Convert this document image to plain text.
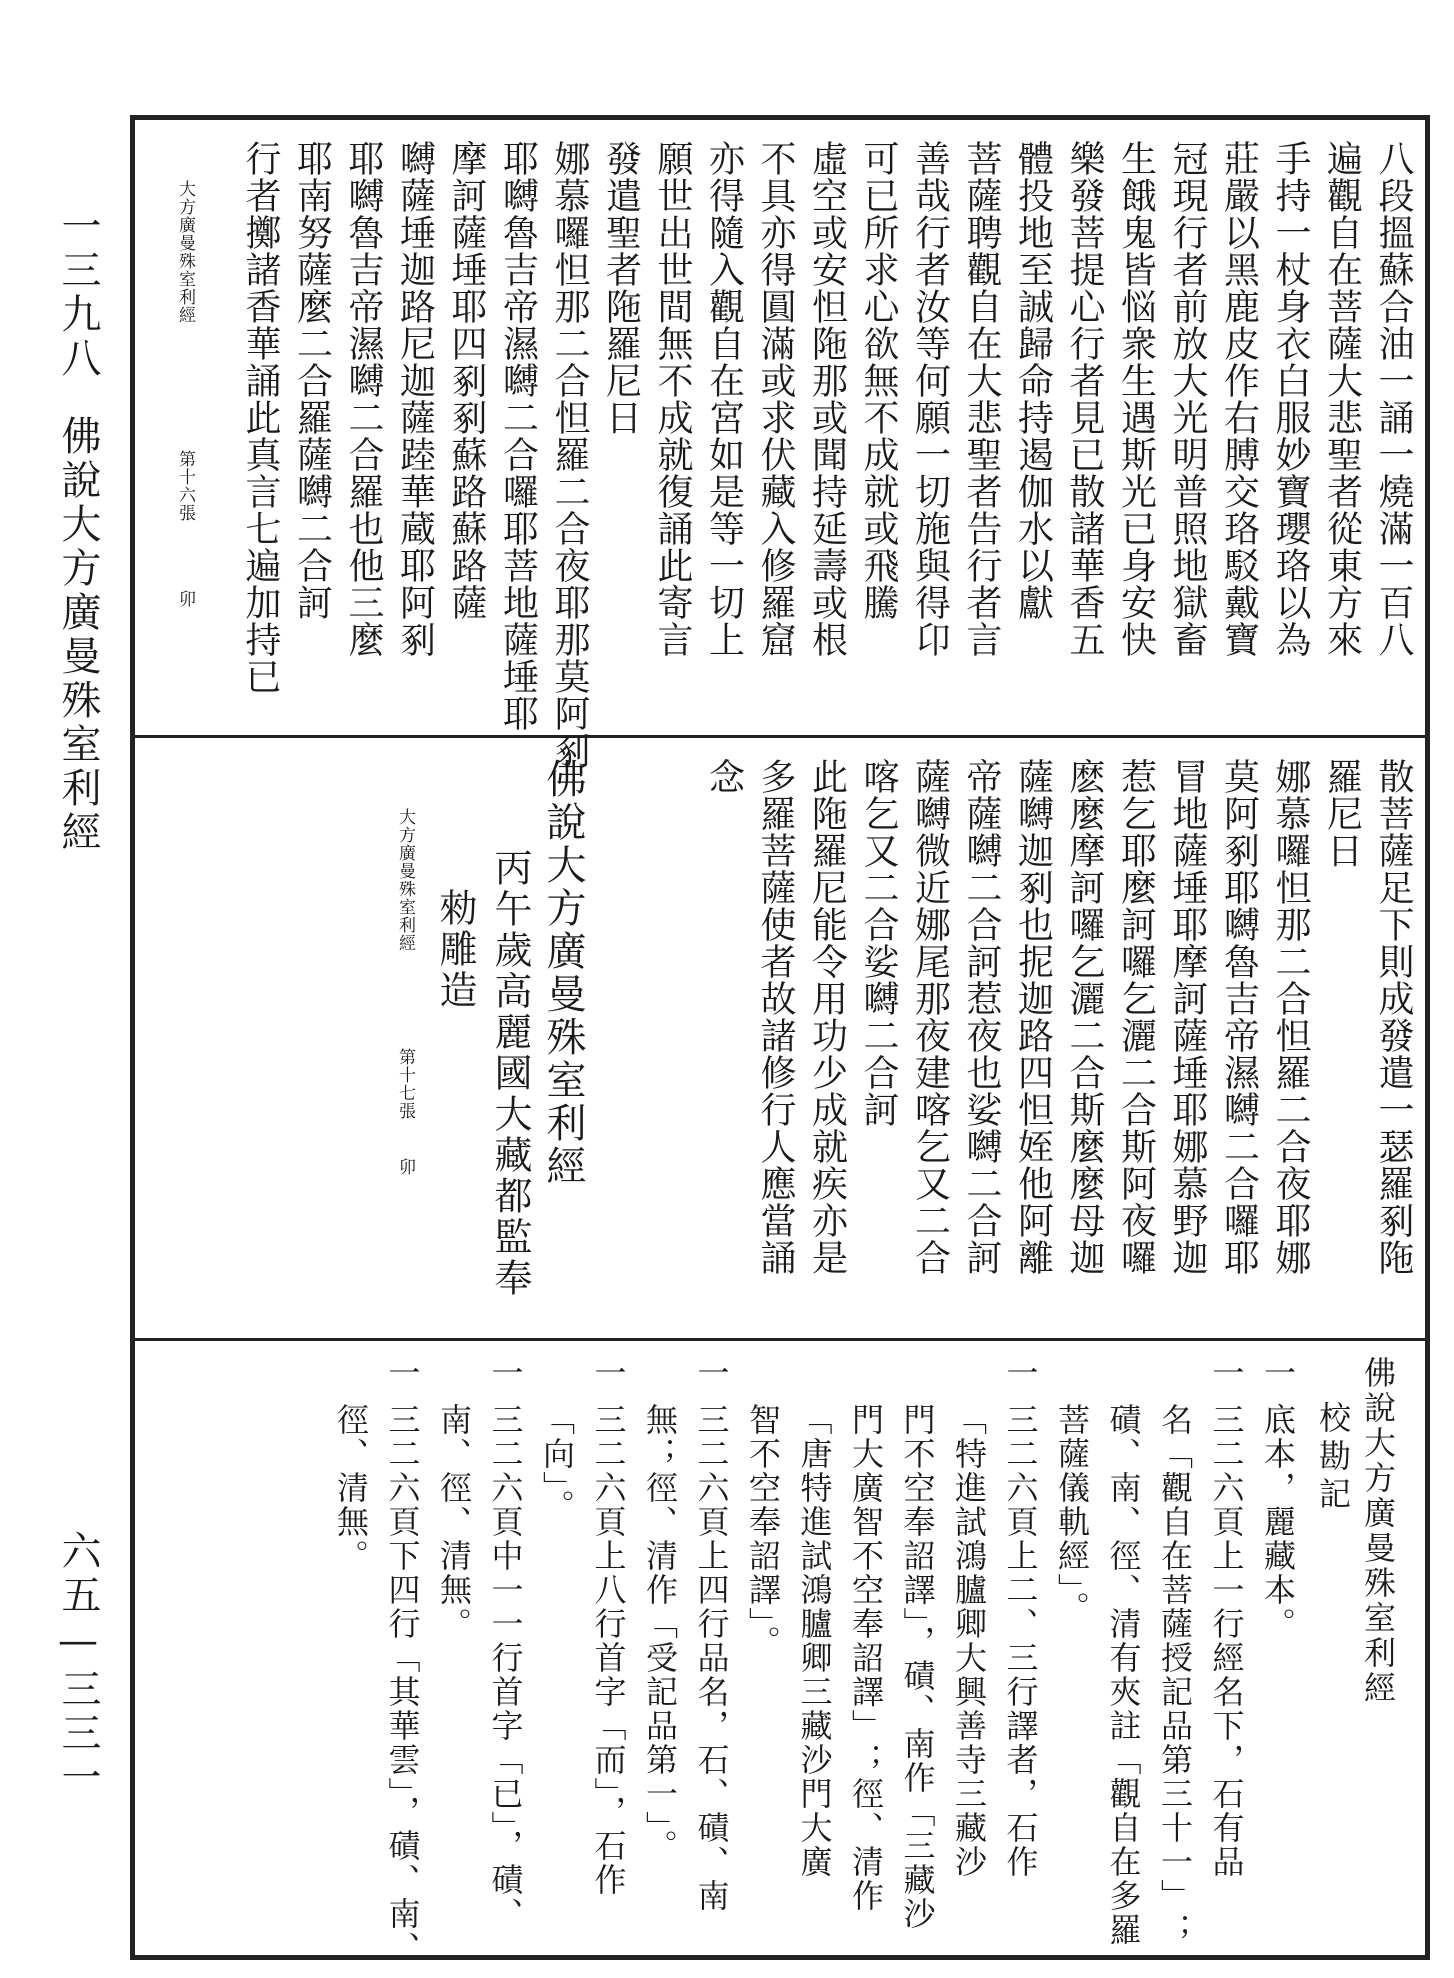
一三九八
佛說大方廣曼殊室利經
六五—三三一
八段搵蘇合油一誦一燒滿一百八
遍觀自在菩薩大悲聖者從東方來
手持一杖身衣白服妙寶瓔珞以為
莊嚴以黑鹿皮作右膊交珞駁戴寶
冠現行者前放大光明普照地獄畜
生餓鬼皆悩衆生遇斯光已身安快
樂發菩提心行者見已散諸華香五
體投地至誠歸命持遏伽水以獻
菩薩聘觀自在大悲聖者告行者言
善哉行者汝等何願一切施與得卬
可已所求心欲無不成就或飛騰
虛空或安怛陁那或聞持延壽或根
不具亦得圓滿或求伏藏入修羅窟
亦得隨入觀自在宮如是等一切上
願世出世間無不成就復誦此寄言
發遣聖者陁羅尼日
娜慕囉怛那二合怛羅二合夜耶那莫阿剢
耶嚩魯吉帝濕嚩二合囉耶菩地薩埵耶
摩訶薩埵耶四剢剢蘇路蘇路薩
嚩薩埵迦路尼迦薩踛華蔵耶阿剢
耶嚩魯吉帝濕嚩二合羅也他三麼
耶南努薩麼二合羅薩嚩二合訶
行者擲諸香華誦此真言七遍加持已
大方廣曼殊室利經
第十六張
卯
散菩薩足下則成發遣一瑟羅剢陁
羅尼日
娜慕囉怛那二合怛羅二合夜耶娜
莫阿剢耶嚩魯吉帝濕嚩二合囉耶
冒地薩埵耶摩訶薩埵耶娜慕野迦
惹乞耶麼訶囉乞灑二合斯阿夜囉
麽麼摩訶囉乞灑二合斯麼麼母迦
薩嚩迦剢也抳迦路四怛姪他阿離
帝薩嚩二合訶惹夜也娑嚩二合訶
薩嚩微近娜尾那夜建喀乞又二合
喀乞又二合娑嚩二合訶
此陁羅尼能令用功少成就疾亦是
多羅菩薩使者故諸修行人應當誦
念
佛說大方廣曼殊室利經
丙午歲高麗國大藏都監奉
勑雕造
大方廣曼殊室利經
第十七張
卯
佛說大方廣曼殊室利經
校勘記
一
底本，麗藏本。
一
三二六頁上一行經名下，石有品
名「觀自在菩薩授記品第三十一」；
磧、南、徑、清有夾註「觀自在多羅
菩薩儀軌經」。
一
三二六頁上二、三行譯者，石作
「特進試鴻臚卿大興善寺三藏沙
門不空奉詔譯」，磧、南作「三藏沙
門大廣智不空奉詔譯」；徑、清作
「唐特進試鴻臚卿三藏沙門大廣
智不空奉詔譯」。
一
三二六頁上四行品名，石、磧、南
無；徑、清作「受記品第一」。
一
三二六頁上八行首字「而」，石作
「向」。
一
三二六頁中一一行首字「已」，磧、
南、徑、清無。
一
三二六頁下四行「其華雲」，磧、南、
徑、清無。
